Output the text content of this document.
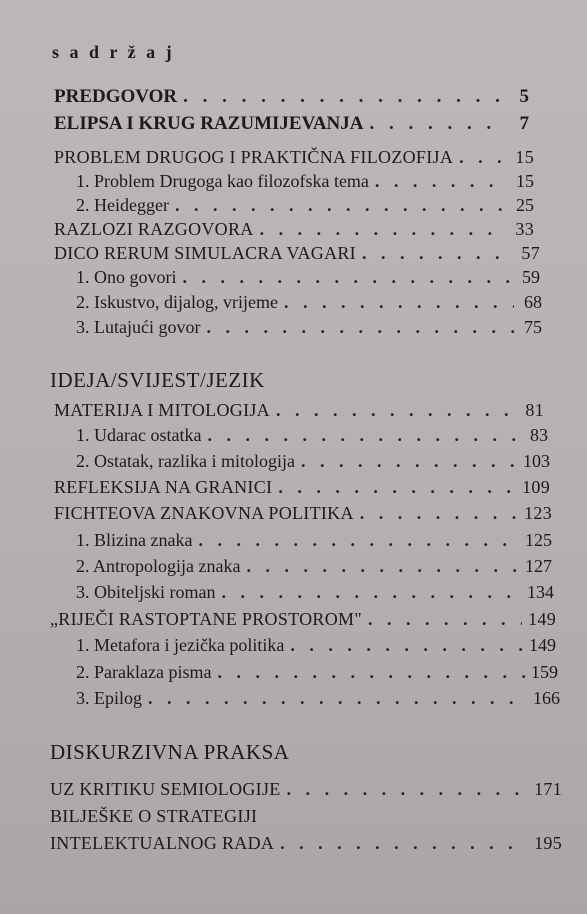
s a d r ž a j
PREDGOVOR . . .	5
ELIPSA I KRUG RAZUMIJEVANJA . . .	7
PROBLEM DRUGOG I PRAKTIČNA FILOZOFIJA . . .	15
1. Problem Drugoga kao filozofska tema . . .	15
2. Heidegger . . .	25
RAZLOZI RAZGOVORA . . .	33
DICO RERUM SIMULACRA VAGARI . . .	57
1. Ono govori . . .	59
2. Iskustvo, dijalog, vrijeme . . .	68
3. Lutajući govor . . .	75
IDEJA/SVIJEST/JEZIK
MATERIJA I MITOLOGIJA . . .	81
1. Udarac ostatka . . .	83
2. Ostatak, razlika i mitologija . . .	103
REFLEKSIJA NA GRANICI . . .	109
FICHTEOVA ZNAKOVNA POLITIKA . . .	123
1. Blizina znaka . . .	125
2. Antropologija znaka . . .	127
3. Obiteljski roman . . .	134
„RIJEČI RASTOPTANE PROSTOROM" . . .	149
1. Metafora i jezička politika . . .	149
2. Paraklaza pisma . . .	159
3. Epilog . . .	166
DISKURZIVNA PRAKSA
UZ KRITIKU SEMIOLOGIJE . . .	171
BILJEŠKE O STRATEGIJI
INTELEKTUALNOG RADA . . .	195
